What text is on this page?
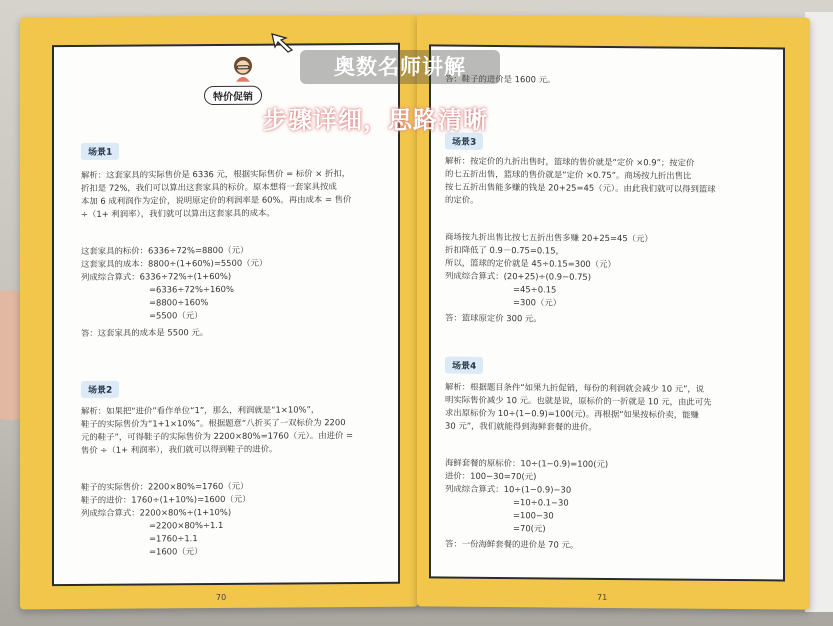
特价促销
场景1
解析：这套家具的实际售价是 6336 元，根据实际售价 = 标价 × 折扣，
折扣是 72%，我们可以算出这套家具的标价。原本想将一套家具按成
本加 6 成利润作为定价，说明原定价的利润率是 60%。再由成本 = 售价
÷（1+ 利润率），我们就可以算出这套家具的成本。
这套家具的标价：6336÷72%=8800（元）
这套家具的成本：8800÷(1+60%)=5500（元）
列成综合算式：6336÷72%÷(1+60%)
=6336÷72%÷160%
=8800÷160%
=5500（元）
答：这套家具的成本是 5500 元。
场景2
解析：如果把“进价”看作单位“1”，那么，利润就是“1×10%”，
鞋子的实际售价为“1+1×10%”。根据题意“八折买了一双标价为 2200
元的鞋子”，可得鞋子的实际售价为 2200×80%=1760（元）。由进价 =
售价 ÷（1+ 利润率），我们就可以得到鞋子的进价。
鞋子的实际售价：2200×80%=1760（元）
鞋子的进价：1760÷(1+10%)=1600（元）
列成综合算式：2200×80%÷(1+10%)
=2200×80%÷1.1
=1760÷1.1
=1600（元）
70
答：鞋子的进价是 1600 元。
场景3
解析：按定价的九折出售时，篮球的售价就是“定价 ×0.9”；按定价
的七五折出售，篮球的售价就是“定价 ×0.75”。商场按九折出售比
按七五折出售能多赚的钱是 20+25=45（元）。由此我们就可以得到篮球
的定价。
商场按九折出售比按七五折出售多赚 20+25=45（元）
折扣降低了 0.9－0.75=0.15，
所以，篮球的定价就是 45÷0.15=300（元）
列成综合算式：(20+25)÷(0.9−0.75)
=45÷0.15
=300（元）
答：篮球原定价 300 元。
场景4
解析：根据题目条件“如果九折促销，每份的利润就会减少 10 元”，说
明实际售价减少 10 元。也就是说，原标价的一折就是 10 元，由此可先
求出原标价为 10÷(1−0.9)=100(元)。再根据“如果按标价卖，能赚
30 元”，我们就能得到海鲜套餐的进价。
海鲜套餐的原标价：10÷(1−0.9)=100(元)
进价：100−30=70(元)
列成综合算式：10÷(1−0.9)−30
=10÷0.1−30
=100−30
=70(元)
答：一份海鲜套餐的进价是 70 元。
71
奥数名师讲解
步骤详细，思路清晰
